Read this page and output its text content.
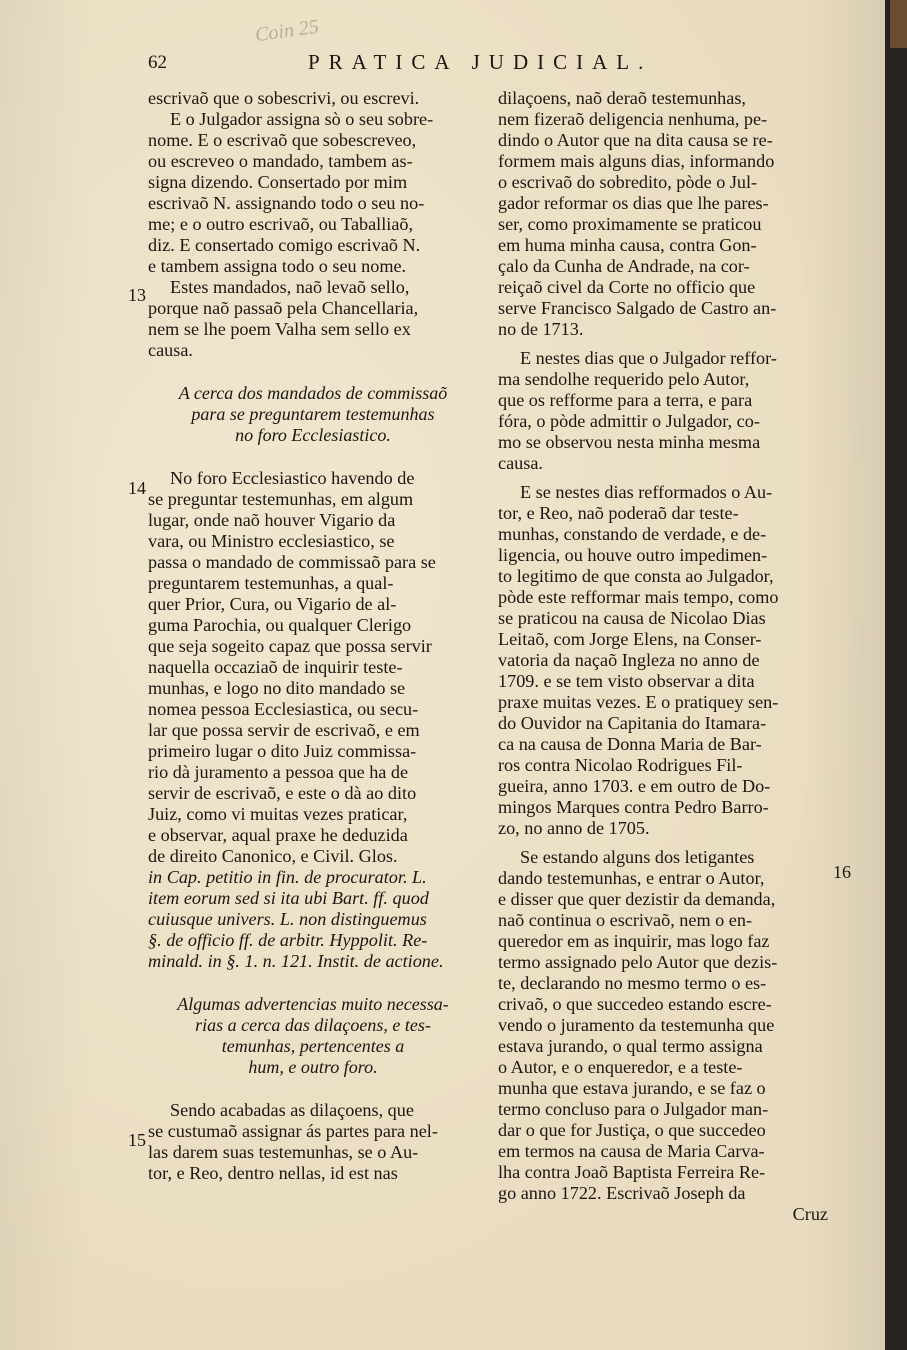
Coin 25
62	PRATICA JUDICIAL.
13
14
15
16

escrivaõ que o sobescrivi, ou escrevi.

E o Julgador assigna sò o seu sobre-

nome. E o escrivaõ que sobescreveo,

ou escreveo o mandado, tambem as-

signa dizendo. Consertado por mim

escrivaõ N. assignando todo o seu no-

me; e o outro escrivaõ, ou Taballiaõ,

diz. E consertado comigo escrivaõ N.

e tambem assigna todo o seu nome.

Estes mandados, naõ levaõ sello,

porque naõ passaõ pela Chancellaria,

nem se lhe poem Valha sem sello ex

causa.

A cerca dos mandados de commissaõ

para se preguntarem testemunhas

no foro Ecclesiastico.

No foro Ecclesiastico havendo de

se preguntar testemunhas, em algum

lugar, onde naõ houver Vigario da

vara, ou Ministro ecclesiastico, se

passa o mandado de commissaõ para se

preguntarem testemunhas, a qual-

quer Prior, Cura, ou Vigario de al-

guma Parochia, ou qualquer Clerigo

que seja sogeito capaz que possa servir

naquella occaziaõ de inquirir teste-

munhas, e logo no dito mandado se

nomea pessoa Ecclesiastica, ou secu-

lar que possa servir de escrivaõ, e em

primeiro lugar o dito Juiz commissa-

rio dà juramento a pessoa que ha de

servir de escrivaõ, e este o dà ao dito

Juiz, como vi muitas vezes praticar,

e observar, aqual praxe he deduzida

de direito Canonico, e Civil. Glos.

in Cap. petitio in fin. de procurator. L.

item eorum sed si ita ubi Bart. ff. quod

cuiusque univers. L. non distinguemus

§. de officio ff. de arbitr. Hyppolit. Re-

minald. in §. 1. n. 121. Instit. de actione.

Algumas advertencias muito necessa-

rias a cerca das dilaçoens, e tes-

temunhas, pertencentes a

hum, e outro foro.

Sendo acabadas as dilaçoens, que

se custumaõ assignar ás partes para nel-

las darem suas testemunhas, se o Au-

tor, e Reo, dentro nellas, id est nas

dilaçoens, naõ deraõ testemunhas,

nem fizeraõ deligencia nenhuma, pe-

dindo o Autor que na dita causa se re-

formem mais alguns dias, informando

o escrivaõ do sobredito, pòde o Jul-

gador reformar os dias que lhe pares-

ser, como proximamente se praticou

em huma minha causa, contra Gon-

çalo da Cunha de Andrade, na cor-

reiçaõ civel da Corte no officio que

serve Francisco Salgado de Castro an-

no de 1713.

E nestes dias que o Julgador reffor-

ma sendolhe requerido pelo Autor,

que os refforme para a terra, e para

fóra, o pòde admittir o Julgador, co-

mo se observou nesta minha mesma

causa.

E se nestes dias refformados o Au-

tor, e Reo, naõ poderaõ dar teste-

munhas, constando de verdade, e de-

ligencia, ou houve outro impedimen-

to legitimo de que consta ao Julgador,

pòde este refformar mais tempo, como

se praticou na causa de Nicolao Dias

Leitaõ, com Jorge Elens, na Conser-

vatoria da naçaõ Ingleza no anno de

1709. e se tem visto observar a dita

praxe muitas vezes. E o pratiquey sen-

do Ouvidor na Capitania do Itamara-

ca na causa de Donna Maria de Bar-

ros contra Nicolao Rodrigues Fil-

gueira, anno 1703. e em outro de Do-

mingos Marques contra Pedro Barro-

zo, no anno de 1705.

Se estando alguns dos letigantes

dando testemunhas, e entrar o Autor,

e disser que quer dezistir da demanda,

naõ continua o escrivaõ, nem o en-

queredor em as inquirir, mas logo faz

termo assignado pelo Autor que dezis-

te, declarando no mesmo termo o es-

crivaõ, o que succedeo estando escre-

vendo o juramento da testemunha que

estava jurando, o qual termo assigna

o Autor, e o enqueredor, e a teste-

munha que estava jurando, e se faz o

termo concluso para o Julgador man-

dar o que for Justiça, o que succedeo

em termos na causa de Maria Carva-

lha contra Joaõ Baptista Ferreira Re-

go anno 1722. Escrivaõ Joseph da

Cruz
